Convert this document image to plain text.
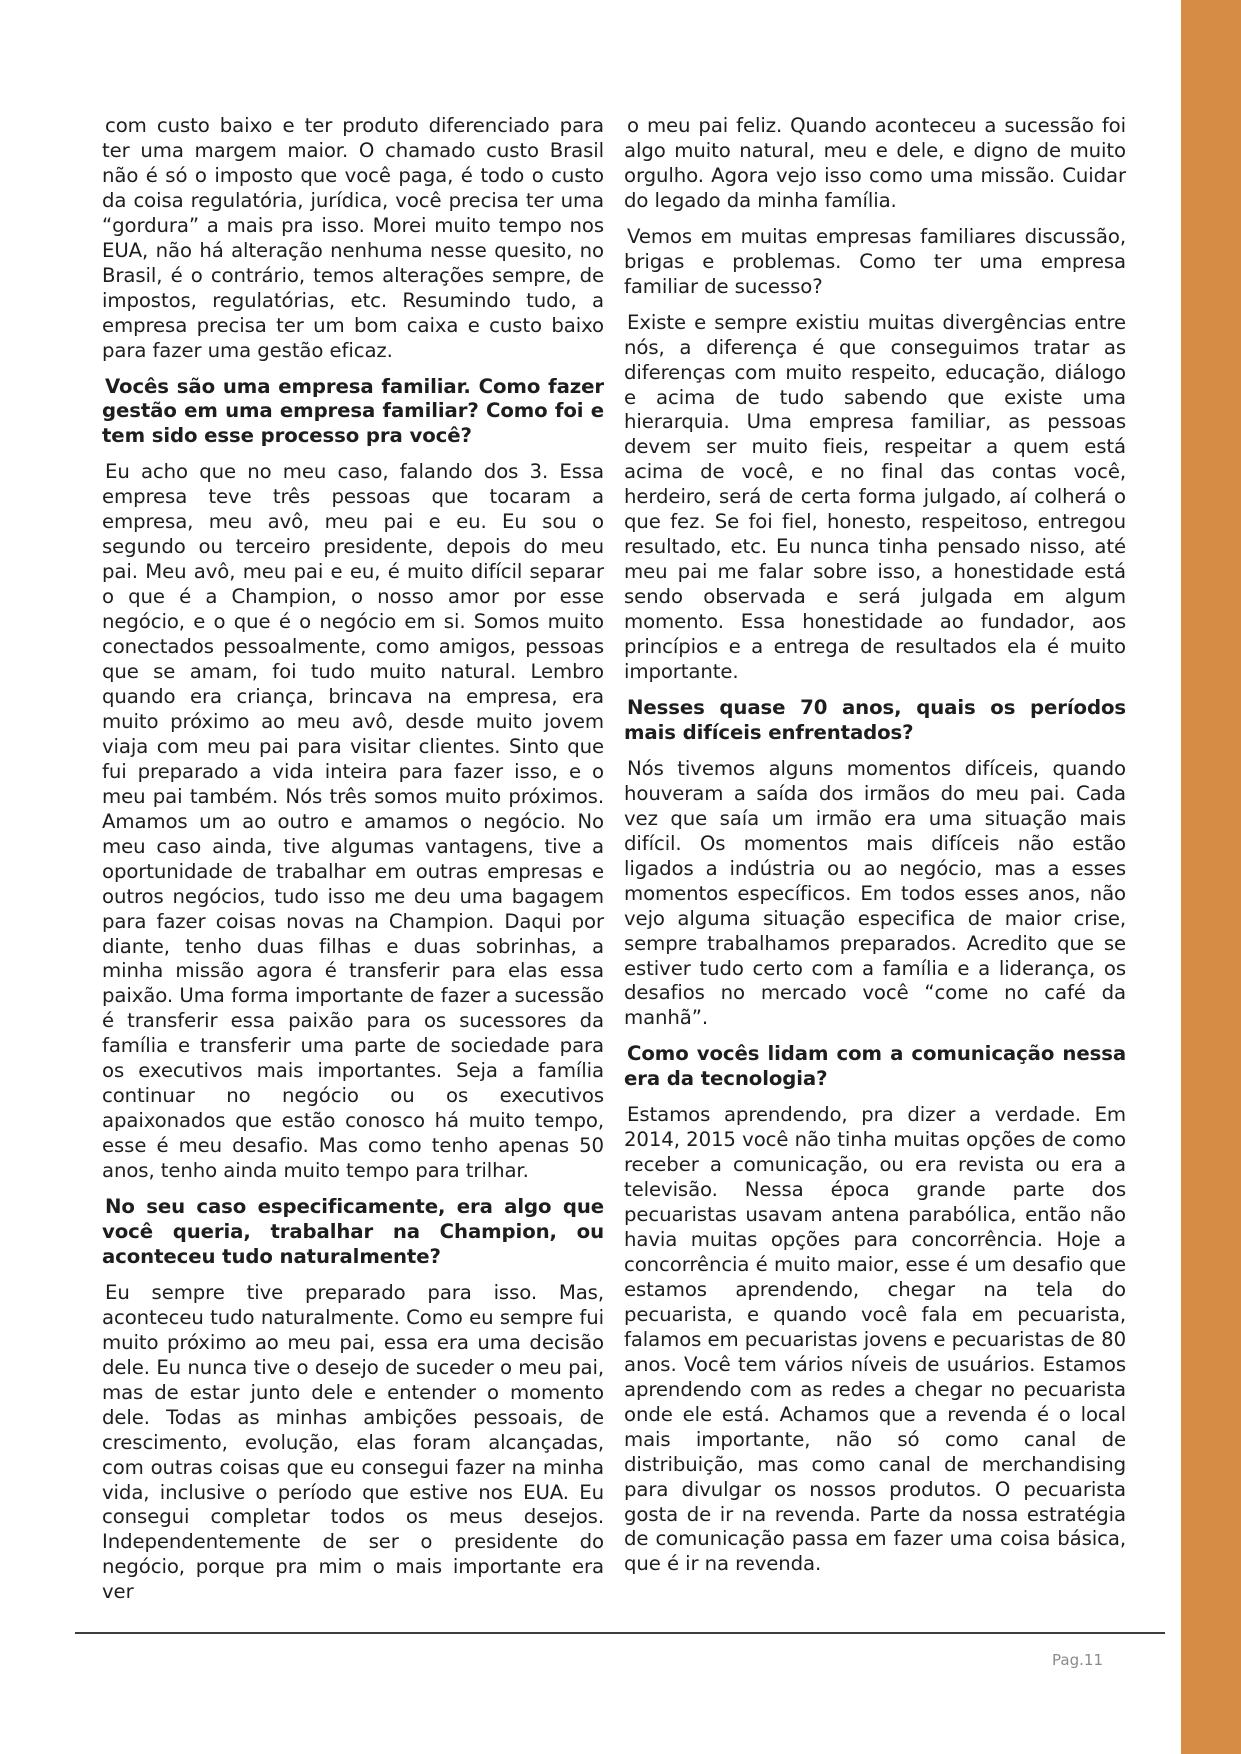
com custo baixo e ter produto diferenciado para ter uma margem maior. O chamado custo Brasil não é só o imposto que você paga, é todo o custo da coisa regulatória, jurídica, você precisa ter uma “gordura” a mais pra isso. Morei muito tempo nos EUA, não há alteração nenhuma nesse quesito, no Brasil, é o contrário, temos alterações sempre, de impostos, regulatórias, etc. Resumindo tudo, a empresa precisa ter um bom caixa e custo baixo para fazer uma gestão eficaz.

Vocês são uma empresa familiar. Como fazer gestão em uma empresa familiar? Como foi e tem sido esse processo pra você?

Eu acho que no meu caso, falando dos 3. Essa empresa teve três pessoas que tocaram a empresa, meu avô, meu pai e eu. Eu sou o segundo ou terceiro presidente, depois do meu pai. Meu avô, meu pai e eu, é muito difícil separar o que é a Champion, o nosso amor por esse negócio, e o que é o negócio em si. Somos muito conectados pessoalmente, como amigos, pessoas que se amam, foi tudo muito natural. Lembro quando era criança, brincava na empresa, era muito próximo ao meu avô, desde muito jovem viaja com meu pai para visitar clientes. Sinto que fui preparado a vida inteira para fazer isso, e o meu pai também. Nós três somos muito próximos. Amamos um ao outro e amamos o negócio. No meu caso ainda, tive algumas vantagens, tive a oportunidade de trabalhar em outras empresas e outros negócios, tudo isso me deu uma bagagem para fazer coisas novas na Champion. Daqui por diante, tenho duas filhas e duas sobrinhas, a minha missão agora é transferir para elas essa paixão. Uma forma importante de fazer a sucessão é transferir essa paixão para os sucessores da família e transferir uma parte de sociedade para os executivos mais importantes. Seja a família continuar no negócio ou os executivos apaixonados que estão conosco há muito tempo, esse é meu desafio. Mas como tenho apenas 50 anos, tenho ainda muito tempo para trilhar.

No seu caso especificamente, era algo que você queria, trabalhar na Champion, ou aconteceu tudo naturalmente?

Eu sempre tive preparado para isso. Mas, aconteceu tudo naturalmente. Como eu sempre fui muito próximo ao meu pai, essa era uma decisão dele. Eu nunca tive o desejo de suceder o meu pai, mas de estar junto dele e entender o momento dele. Todas as minhas ambições pessoais, de crescimento, evolução, elas foram alcançadas, com outras coisas que eu consegui fazer na minha vida, inclusive o período que estive nos EUA. Eu consegui completar todos os meus desejos. Independentemente de ser o presidente do negócio, porque pra mim o mais importante era ver

o meu pai feliz. Quando aconteceu a sucessão foi algo muito natural, meu e dele, e digno de muito orgulho. Agora vejo isso como uma missão. Cuidar do legado da minha família.

Vemos em muitas empresas familiares discussão, brigas e problemas. Como ter uma empresa familiar de sucesso?

Existe e sempre existiu muitas divergências entre nós, a diferença é que conseguimos tratar as diferenças com muito respeito, educação, diálogo e acima de tudo sabendo que existe uma hierarquia. Uma empresa familiar, as pessoas devem ser muito fieis, respeitar a quem está acima de você, e no final das contas você, herdeiro, será de certa forma julgado, aí colherá o que fez. Se foi fiel, honesto, respeitoso, entregou resultado, etc. Eu nunca tinha pensado nisso, até meu pai me falar sobre isso, a honestidade está sendo observada e será julgada em algum momento. Essa honestidade ao fundador, aos princípios e a entrega de resultados ela é muito importante.

Nesses quase 70 anos, quais os períodos mais difíceis enfrentados?

Nós tivemos alguns momentos difíceis, quando houveram a saída dos irmãos do meu pai. Cada vez que saía um irmão era uma situação mais difícil. Os momentos mais difíceis não estão ligados a indústria ou ao negócio, mas a esses momentos específicos. Em todos esses anos, não vejo alguma situação especifica de maior crise, sempre trabalhamos preparados. Acredito que se estiver tudo certo com a família e a liderança, os desafios no mercado você “come no café da manhã”.

Como vocês lidam com a comunicação nessa era da tecnologia?

Estamos aprendendo, pra dizer a verdade. Em 2014, 2015 você não tinha muitas opções de como receber a comunicação, ou era revista ou era a televisão. Nessa época grande parte dos pecuaristas usavam antena parabólica, então não havia muitas opções para concorrência. Hoje a concorrência é muito maior, esse é um desafio que estamos aprendendo, chegar na tela do pecuarista, e quando você fala em pecuarista, falamos em pecuaristas jovens e pecuaristas de 80 anos. Você tem vários níveis de usuários. Estamos aprendendo com as redes a chegar no pecuarista onde ele está. Achamos que a revenda é o local mais importante, não só como canal de distribuição, mas como canal de merchandising para divulgar os nossos produtos. O pecuarista gosta de ir na revenda. Parte da nossa estratégia de comunicação passa em fazer uma coisa básica, que é ir na revenda.

Pag.11
